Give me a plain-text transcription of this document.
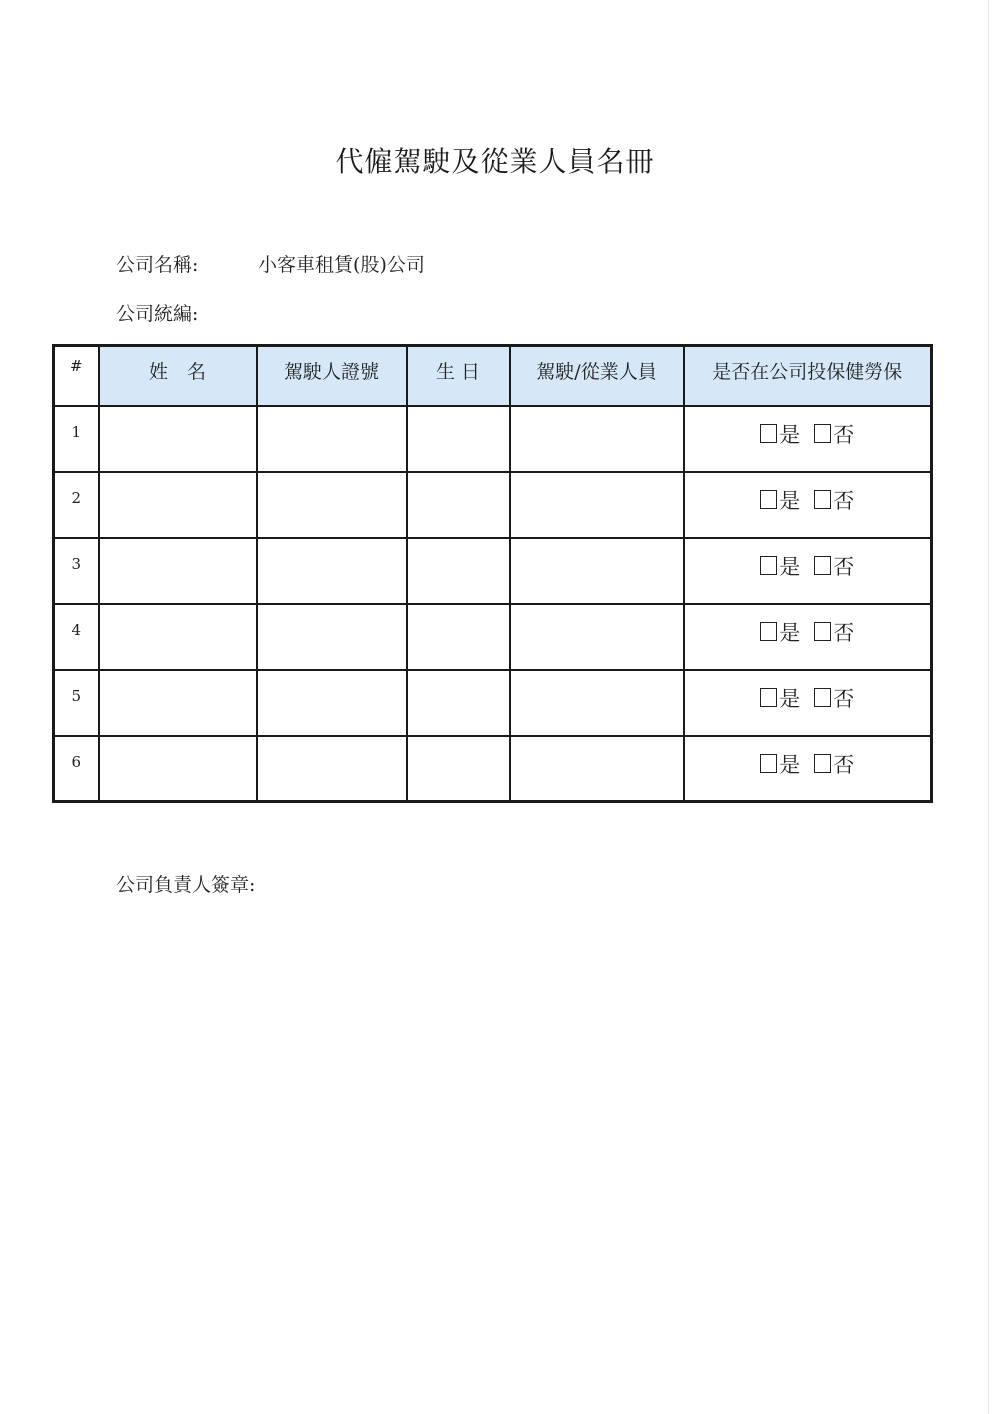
代僱駕駛及從業人員名冊
公司名稱:	小客車租賃(股)公司
公司統編:
#	姓　名	駕駛人證號	生 日	駕駛/從業人員	是否在公司投保健勞保
1					是 否

2					是 否

3					是 否

4					是 否

5					是 否

6					是 否
公司負責人簽章:
